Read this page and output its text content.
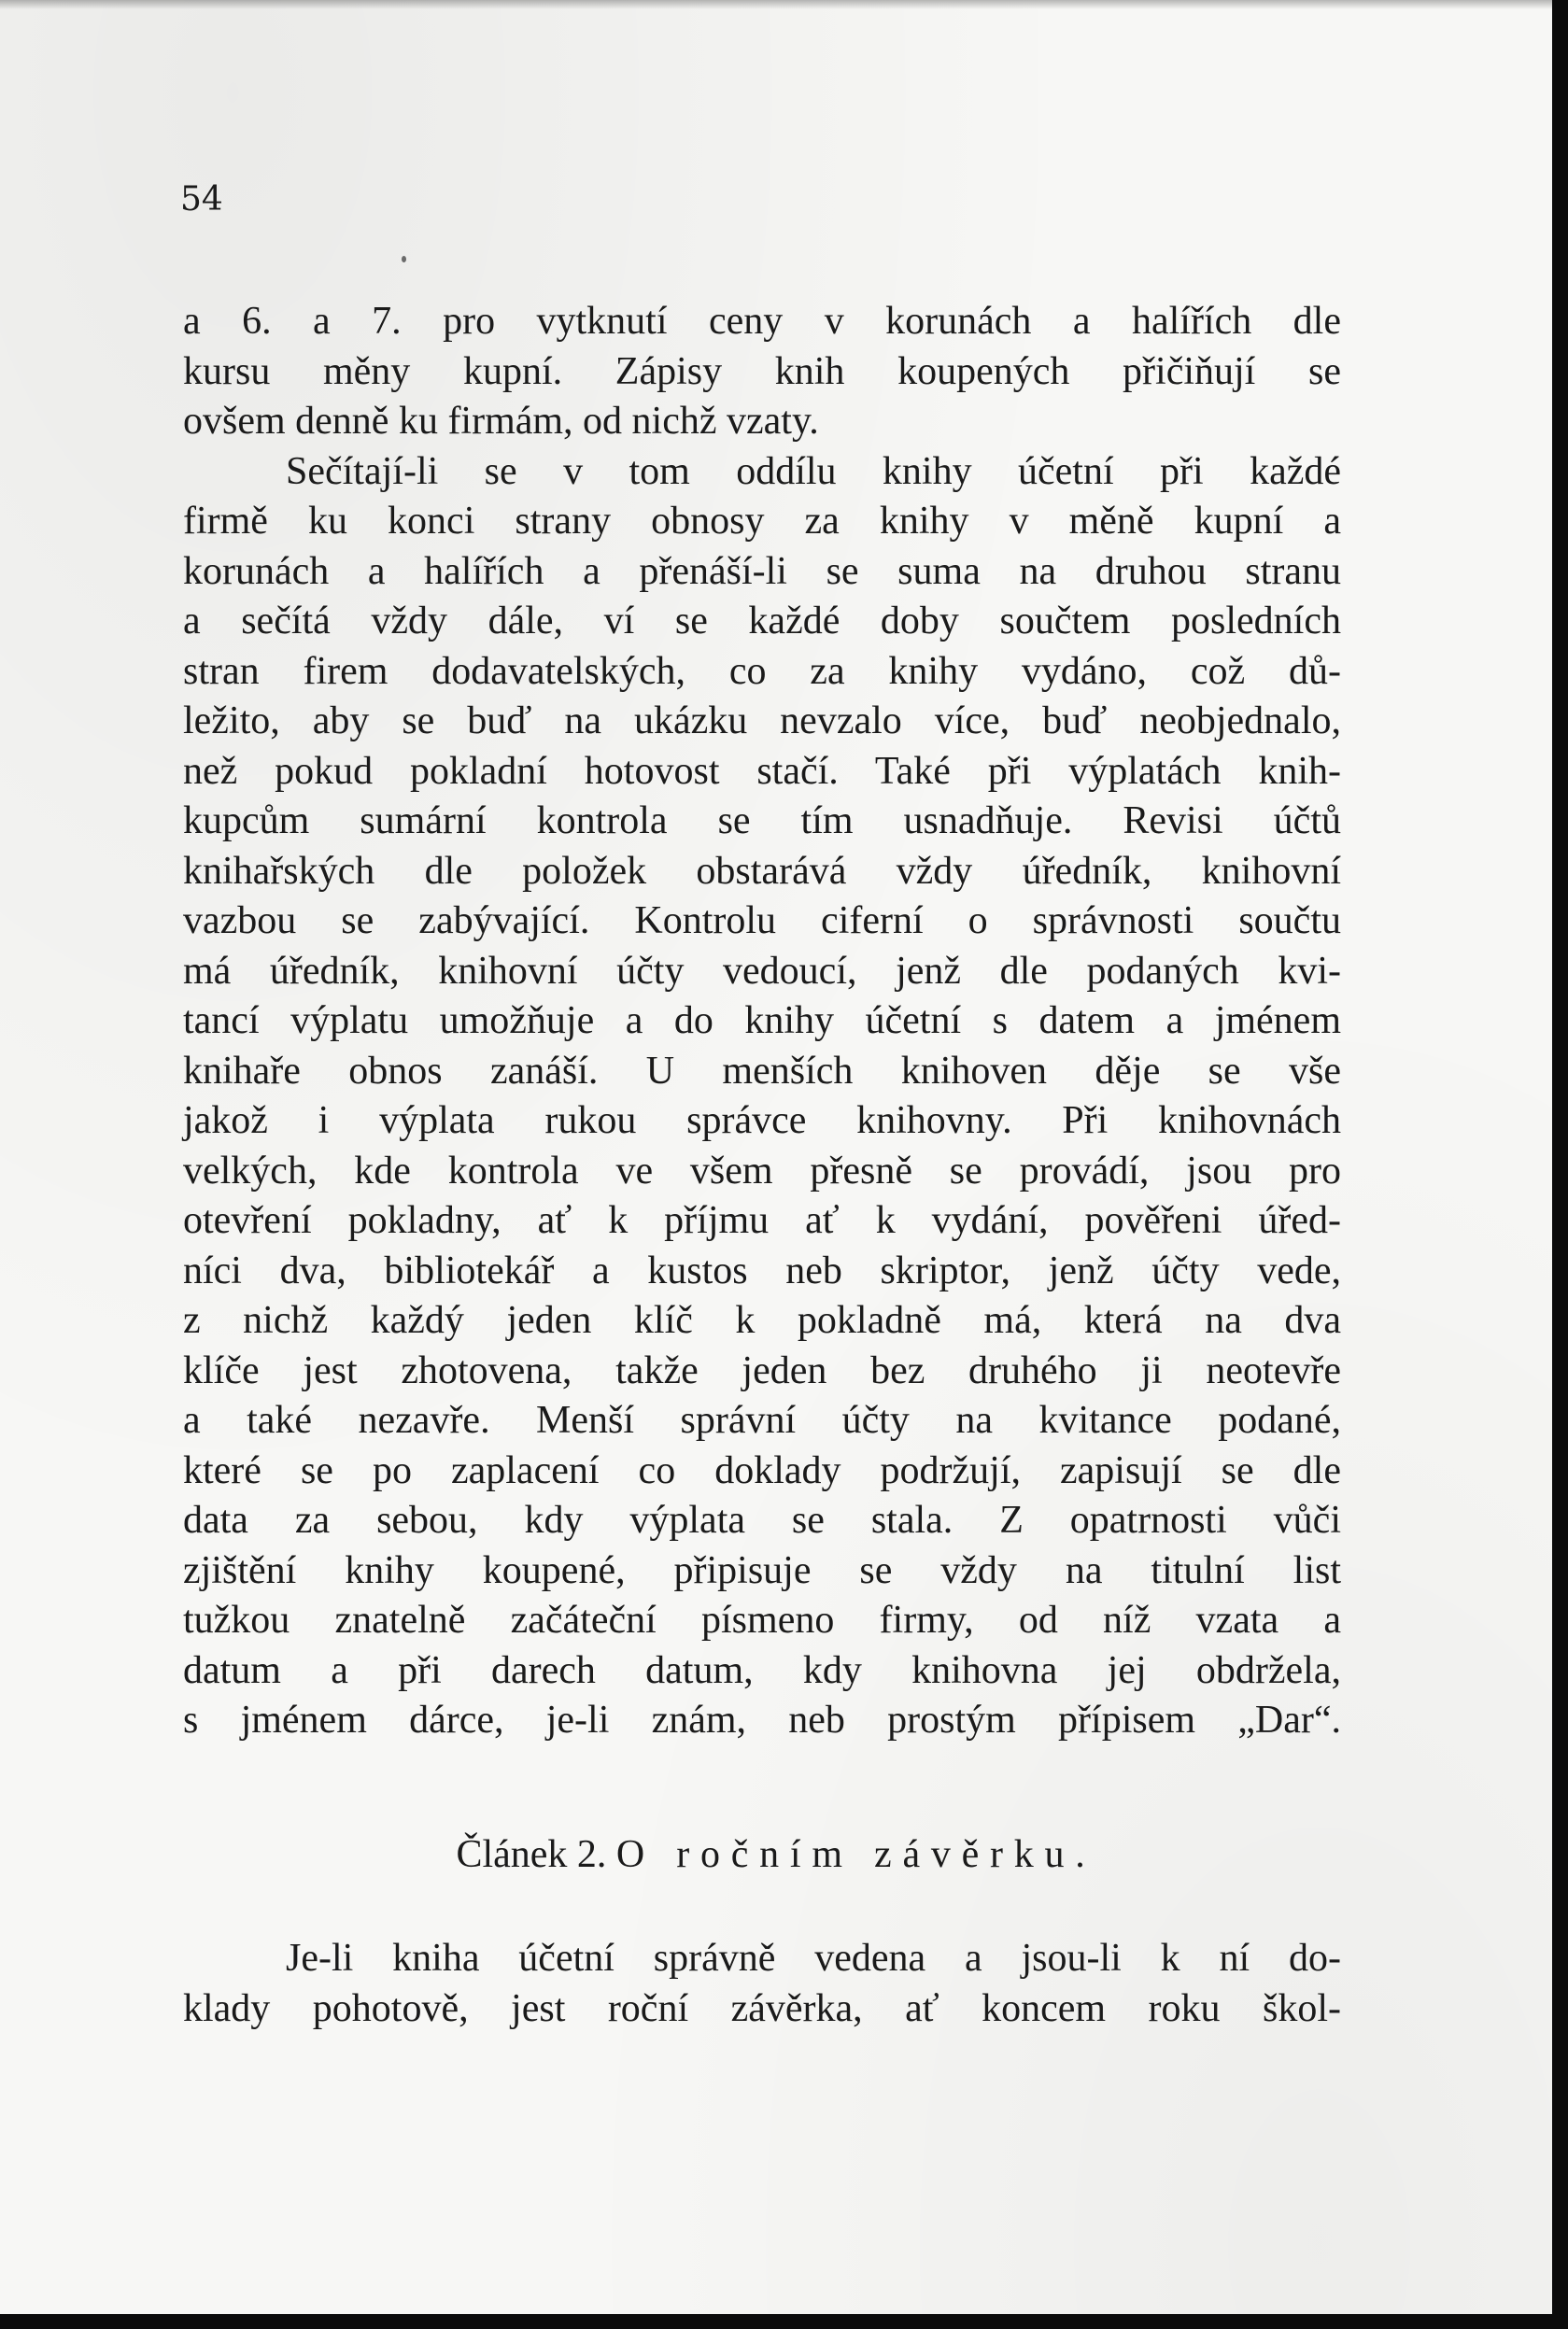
54
a 6. a 7. pro vytknutí ceny v korunách a halířích dle
kursu měny kupní. Zápisy knih koupených přičiňují se
ovšem denně ku firmám, od nichž vzaty.
Sečítají-li se v tom oddílu knihy účetní při každé
firmě ku konci strany obnosy za knihy v měně kupní a
korunách a halířích a přenáší-li se suma na druhou stranu
a sečítá vždy dále, ví se každé doby součtem posledních
stran firem dodavatelských, co za knihy vydáno, což dů-
ležito, aby se buď na ukázku nevzalo více, buď neobjednalo,
než pokud pokladní hotovost stačí. Také při výplatách knih-
kupcům sumární kontrola se tím usnadňuje. Revisi účtů
knihařských dle položek obstarává vždy úředník, knihovní
vazbou se zabývající. Kontrolu ciferní o správnosti součtu
má úředník, knihovní účty vedoucí, jenž dle podaných kvi-
tancí výplatu umožňuje a do knihy účetní s datem a jménem
knihaře obnos zanáší. U menších knihoven děje se vše
jakož i výplata rukou správce knihovny. Při knihovnách
velkých, kde kontrola ve všem přesně se provádí, jsou pro
otevření pokladny, ať k příjmu ať k vydání, pověřeni úřed-
níci dva, bibliotekář a kustos neb skriptor, jenž účty vede,
z nichž každý jeden klíč k pokladně má, která na dva
klíče jest zhotovena, takže jeden bez druhého ji neotevře
a také nezavře. Menší správní účty na kvitance podané,
které se po zaplacení co doklady podržují, zapisují se dle
data za sebou, kdy výplata se stala. Z opatrnosti vůči
zjištění knihy koupené, připisuje se vždy na titulní list
tužkou znatelně začáteční písmeno firmy, od níž vzata a
datum a při darech datum, kdy knihovna jej obdržela,
s jménem dárce, je-li znám, neb prostým přípisem „Dar“.
Článek 2. O ročním závěrku.
Je-li kniha účetní správně vedena a jsou-li k ní do-
klady pohotově, jest roční závěrka, ať koncem roku škol-
